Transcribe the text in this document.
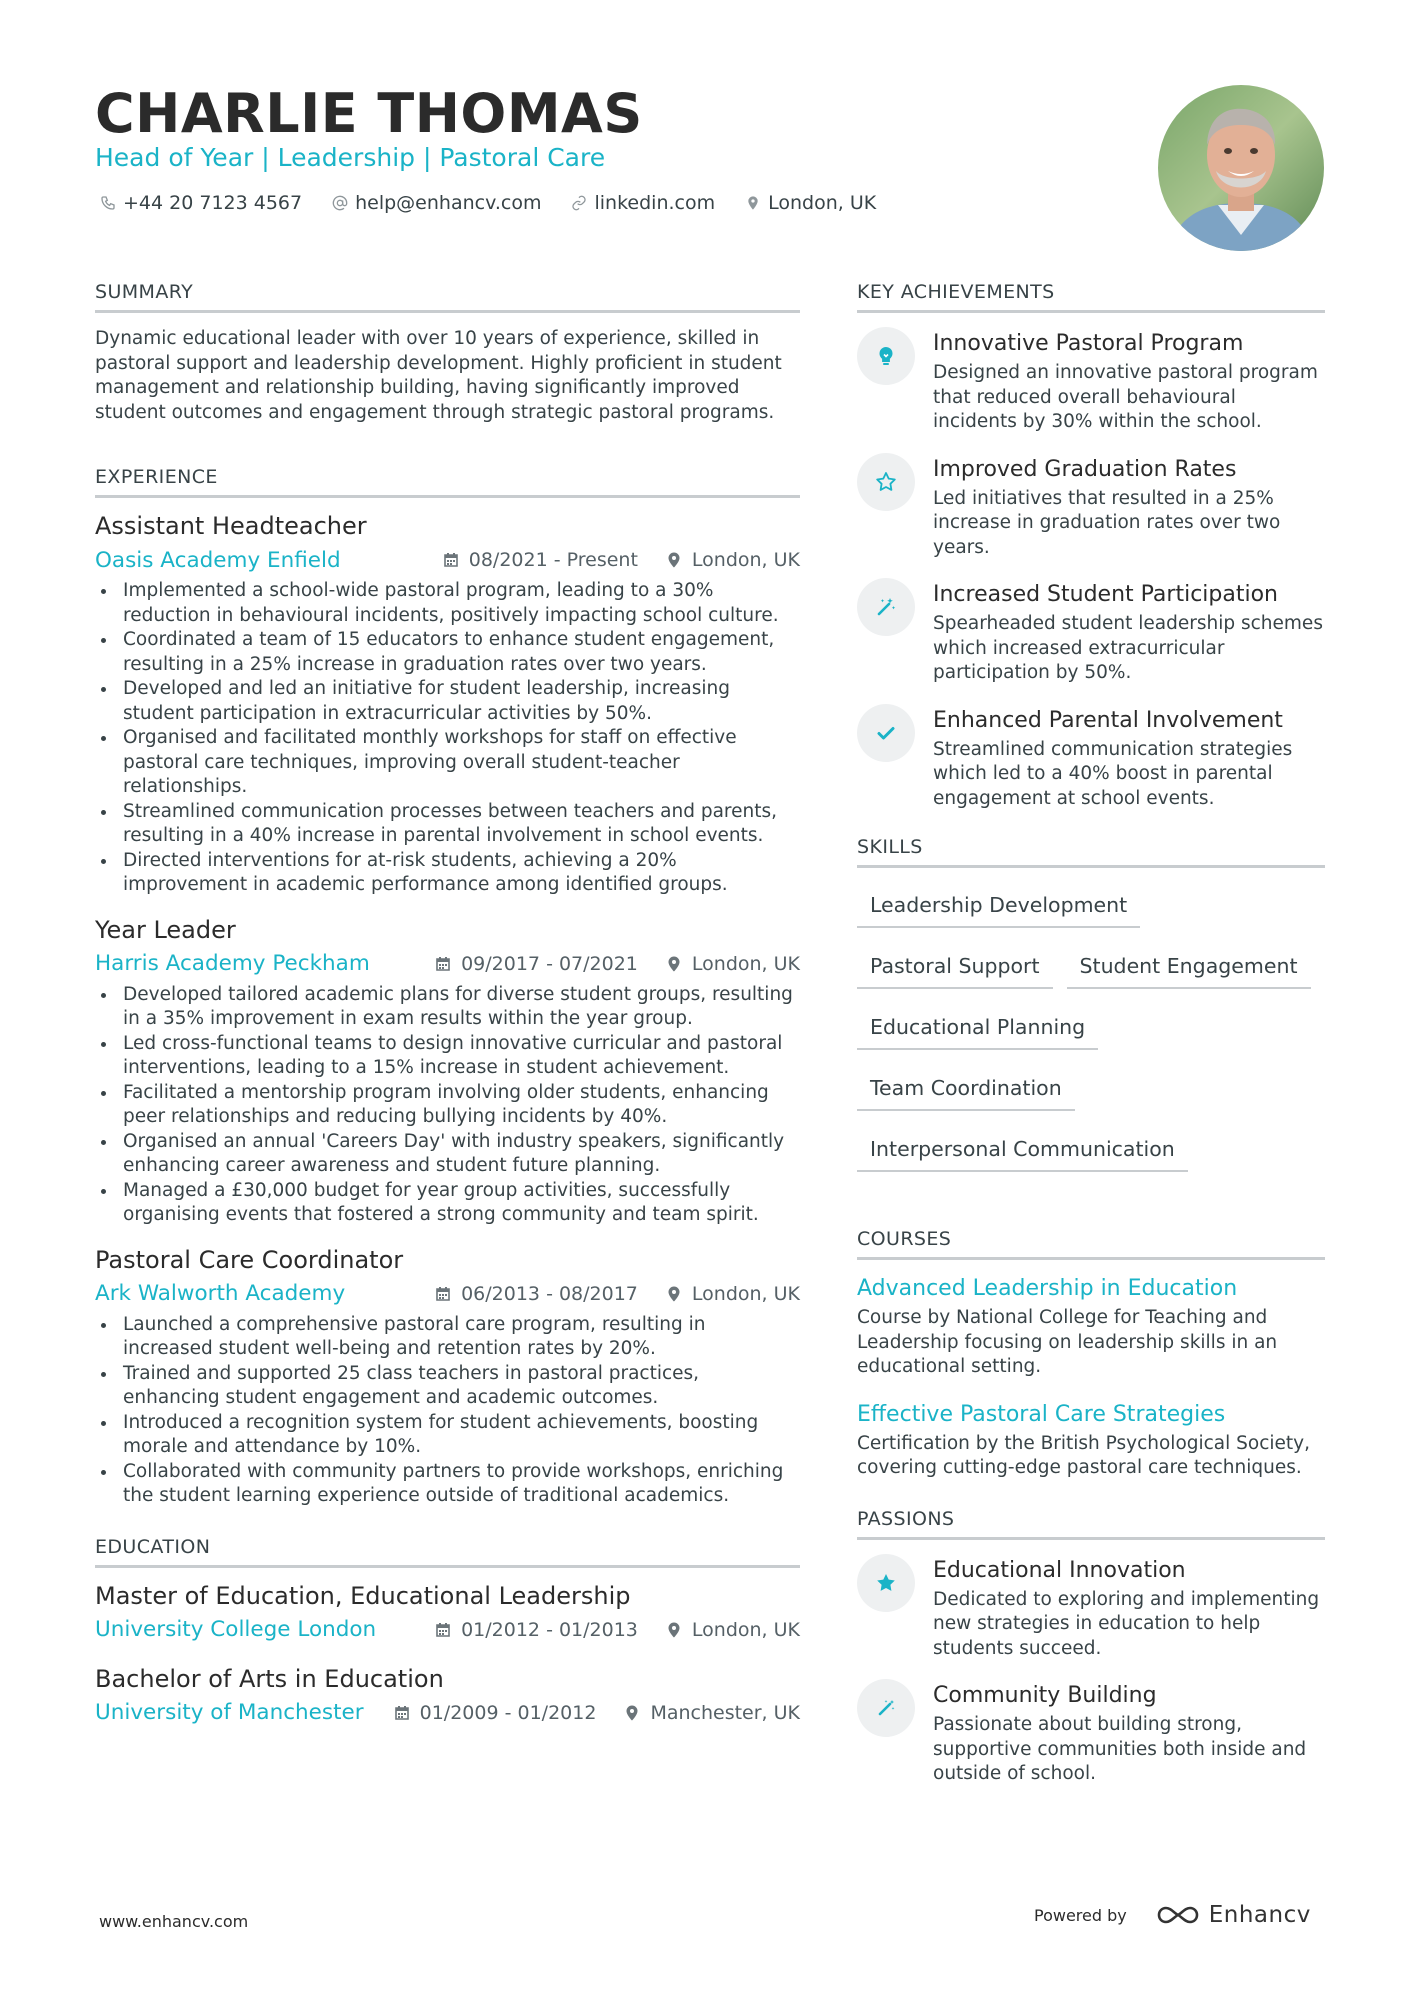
CHARLIE THOMAS
Head of Year | Leadership | Pastoral Care
+44 20 7123 4567	help@enhancv.com	linkedin.com	London, UK
SUMMARY
Dynamic educational leader with over 10 years of experience, skilled in pastoral support and leadership development. Highly proficient in student management and relationship building, having significantly improved student outcomes and engagement through strategic pastoral programs.
EXPERIENCE
Assistant Headteacher
Oasis Academy Enfield	08/2021 - Present	London, UK
Implemented a school-wide pastoral program, leading to a 30% reduction in behavioural incidents, positively impacting school culture.
Coordinated a team of 15 educators to enhance student engagement, resulting in a 25% increase in graduation rates over two years.
Developed and led an initiative for student leadership, increasing student participation in extracurricular activities by 50%.
Organised and facilitated monthly workshops for staff on effective pastoral care techniques, improving overall student-teacher relationships.
Streamlined communication processes between teachers and parents, resulting in a 40% increase in parental involvement in school events.
Directed interventions for at-risk students, achieving a 20% improvement in academic performance among identified groups.
Year Leader
Harris Academy Peckham	09/2017 - 07/2021	London, UK
Developed tailored academic plans for diverse student groups, resulting in a 35% improvement in exam results within the year group.
Led cross-functional teams to design innovative curricular and pastoral interventions, leading to a 15% increase in student achievement.
Facilitated a mentorship program involving older students, enhancing peer relationships and reducing bullying incidents by 40%.
Organised an annual 'Careers Day' with industry speakers, significantly enhancing career awareness and student future planning.
Managed a £30,000 budget for year group activities, successfully organising events that fostered a strong community and team spirit.
Pastoral Care Coordinator
Ark Walworth Academy	06/2013 - 08/2017	London, UK
Launched a comprehensive pastoral care program, resulting in increased student well-being and retention rates by 20%.
Trained and supported 25 class teachers in pastoral practices, enhancing student engagement and academic outcomes.
Introduced a recognition system for student achievements, boosting morale and attendance by 10%.
Collaborated with community partners to provide workshops, enriching the student learning experience outside of traditional academics.
EDUCATION
Master of Education, Educational Leadership
University College London	01/2012 - 01/2013	London, UK
Bachelor of Arts in Education
University of Manchester	01/2009 - 01/2012	Manchester, UK
KEY ACHIEVEMENTS
Innovative Pastoral Program
Designed an innovative pastoral program that reduced overall behavioural incidents by 30% within the school.
Improved Graduation Rates
Led initiatives that resulted in a 25% increase in graduation rates over two years.
Increased Student Participation
Spearheaded student leadership schemes which increased extracurricular participation by 50%.
Enhanced Parental Involvement
Streamlined communication strategies which led to a 40% boost in parental engagement at school events.
SKILLS
Leadership Development
Pastoral Support	Student Engagement
Educational Planning
Team Coordination
Interpersonal Communication
COURSES
Advanced Leadership in Education
Course by National College for Teaching and Leadership focusing on leadership skills in an educational setting.
Effective Pastoral Care Strategies
Certification by the British Psychological Society, covering cutting-edge pastoral care techniques.
PASSIONS
Educational Innovation
Dedicated to exploring and implementing new strategies in education to help students succeed.
Community Building
Passionate about building strong, supportive communities both inside and outside of school.
www.enhancv.com	Powered by	Enhancv
